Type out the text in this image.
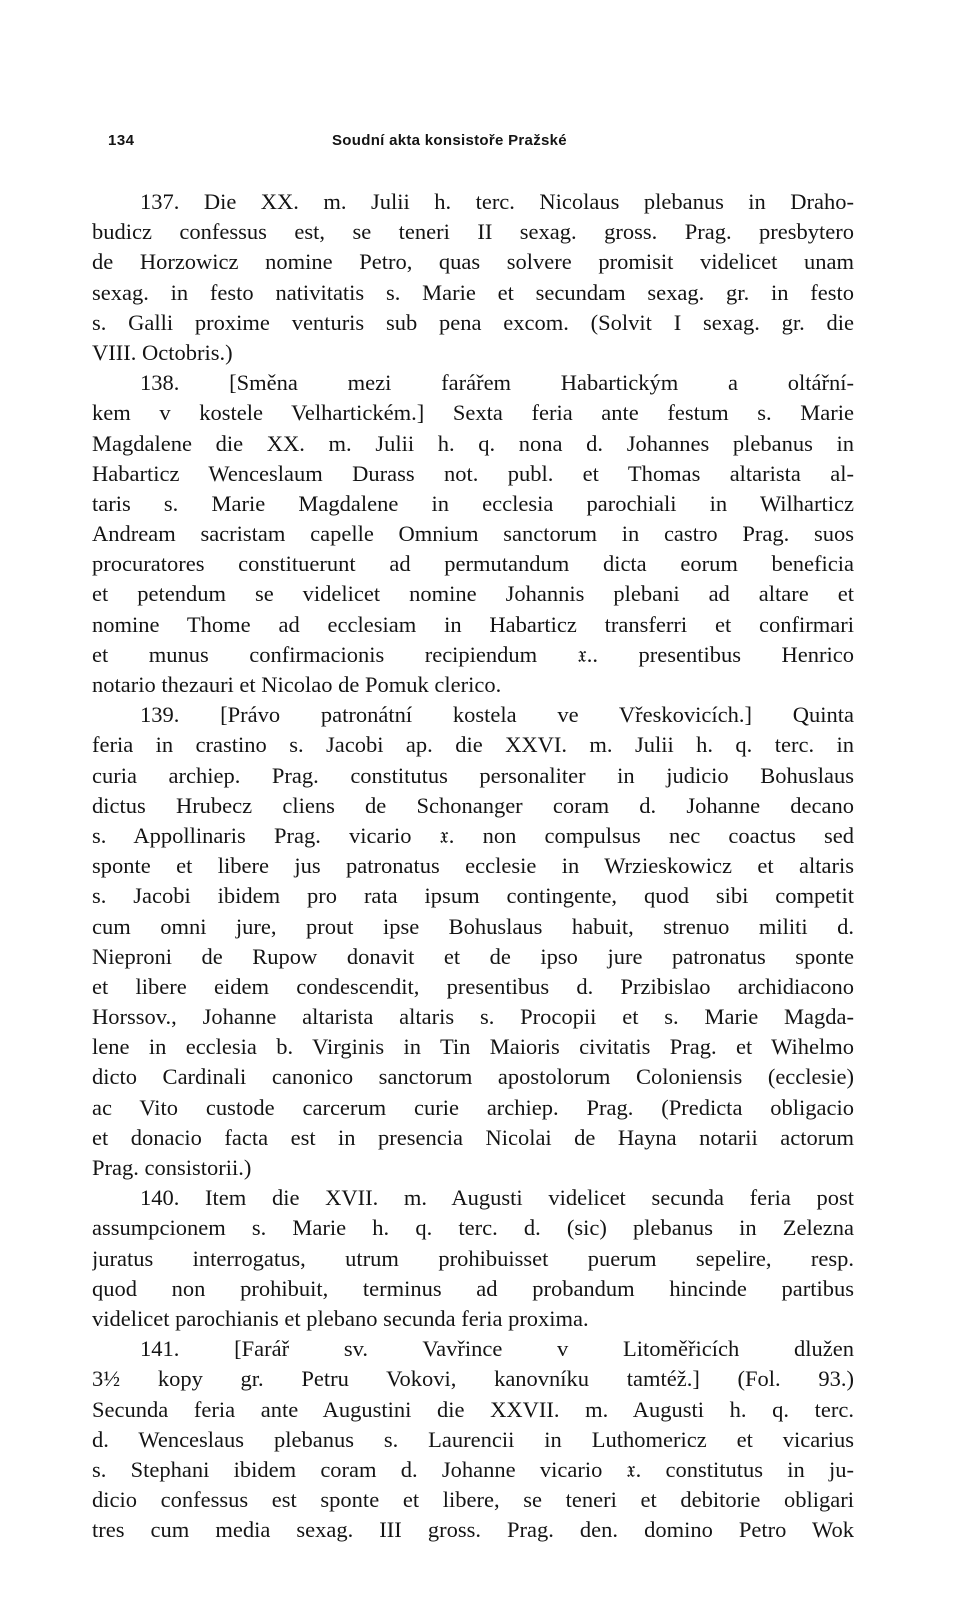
134	Soudní akta konsistoře Pražské
137. Die XX. m. Julii h. terc. Nicolaus plebanus in Draho-
budicz confessus est, se teneri II sexag. gross. Prag. presbytero
de Horzowicz nomine Petro, quas solvere promisit videlicet unam
sexag. in festo nativitatis s. Marie et secundam sexag. gr. in festo
s. Galli proxime venturis sub pena excom. (Solvit I sexag. gr. die
VIII. Octobris.)
138. [Směna mezi farářem Habartickým a oltářní-
kem v kostele Velhartickém.] Sexta feria ante festum s. Marie
Magdalene die XX. m. Julii h. q. nona d. Johannes plebanus in
Habarticz Wenceslaum Durass not. publ. et Thomas altarista al-
taris s. Marie Magdalene in ecclesia parochiali in Wilharticz
Andream sacristam capelle Omnium sanctorum in castro Prag. suos
procuratores constituerunt ad permutandum dicta eorum beneficia
et petendum se videlicet nomine Johannis plebani ad altare et
nomine Thome ad ecclesiam in Habarticz transferri et confirmari
et munus confirmacionis recipiendum 𝔵.. presentibus Henrico
notario thezauri et Nicolao de Pomuk clerico.
139. [Právo patronátní kostela ve Vřeskovicích.] Quinta
feria in crastino s. Jacobi ap. die XXVI. m. Julii h. q. terc. in
curia archiep. Prag. constitutus personaliter in judicio Bohuslaus
dictus Hrubecz cliens de Schonanger coram d. Johanne decano
s. Appollinaris Prag. vicario 𝔵. non compulsus nec coactus sed
sponte et libere jus patronatus ecclesie in Wrzieskowicz et altaris
s. Jacobi ibidem pro rata ipsum contingente, quod sibi competit
cum omni jure, prout ipse Bohuslaus habuit, strenuo militi d.
Nieproni de Rupow donavit et de ipso jure patronatus sponte
et libere eidem condescendit, presentibus d. Przibislao archidiacono
Horssov., Johanne altarista altaris s. Procopii et s. Marie Magda-
lene in ecclesia b. Virginis in Tin Maioris civitatis Prag. et Wihelmo
dicto Cardinali canonico sanctorum apostolorum Coloniensis (ecclesie)
ac Vito custode carcerum curie archiep. Prag. (Predicta obligacio
et donacio facta est in presencia Nicolai de Hayna notarii actorum
Prag. consistorii.)
140. Item die XVII. m. Augusti videlicet secunda feria post
assumpcionem s. Marie h. q. terc. d. (sic) plebanus in Zelezna
juratus interrogatus, utrum prohibuisset puerum sepelire, resp.
quod non prohibuit, terminus ad probandum hincinde partibus
videlicet parochianis et plebano secunda feria proxima.
141. [Farář sv. Vavřince v Litoměřicích dlužen
3½ kopy gr. Petru Vokovi, kanovníku tamtéž.] (Fol. 93.)
Secunda feria ante Augustini die XXVII. m. Augusti h. q. terc.
d. Wenceslaus plebanus s. Laurencii in Luthomericz et vicarius
s. Stephani ibidem coram d. Johanne vicario 𝔵. constitutus in ju-
dicio confessus est sponte et libere, se teneri et debitorie obligari
tres cum media sexag. III gross. Prag. den. domino Petro Wok
